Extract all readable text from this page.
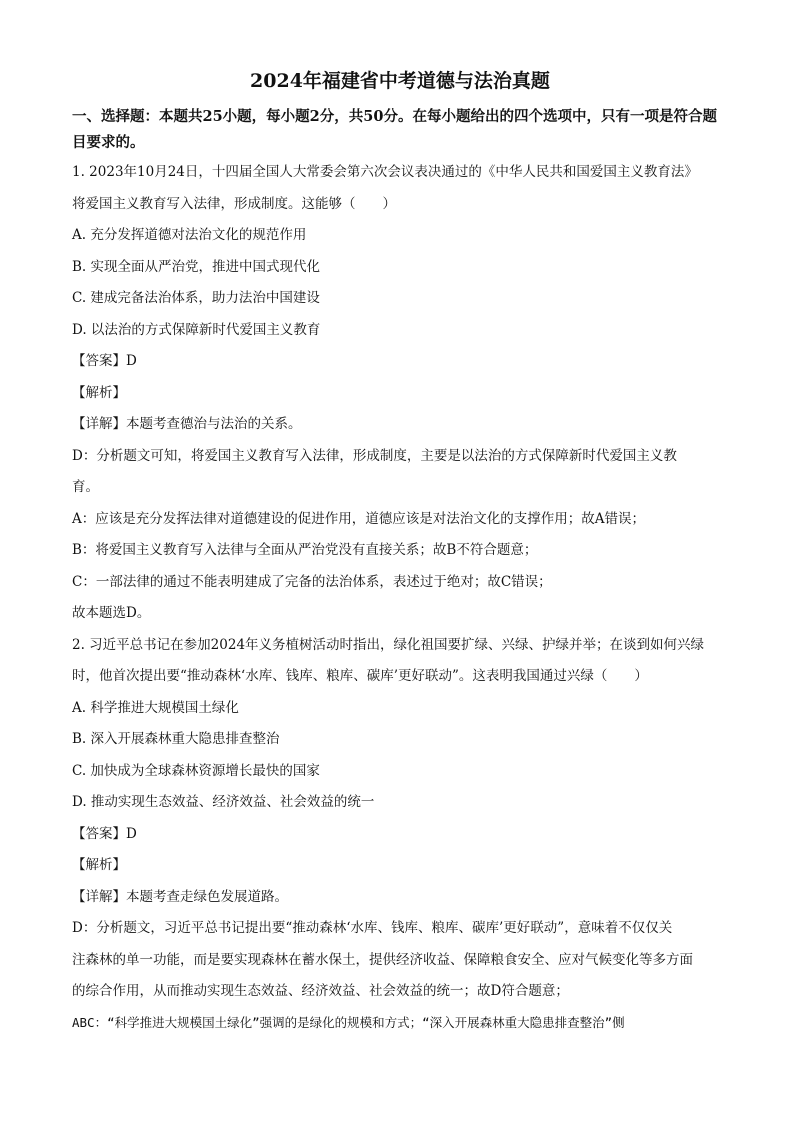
2024年福建省中考道德与法治真题
一、选择题：本题共25小题，每小题2分，共50分。在每小题给出的四个选项中，只有一项是符合题目要求的。
1. 2023年10月24日，十四届全国人大常委会第六次会议表决通过的《中华人民共和国爱国主义教育法》
将爱国主义教育写入法律，形成制度。这能够（　　）
A. 充分发挥道德对法治文化的规范作用
B. 实现全面从严治党，推进中国式现代化
C. 建成完备法治体系，助力法治中国建设
D. 以法治的方式保障新时代爱国主义教育
【答案】D
【解析】
【详解】本题考查德治与法治的关系。
D：分析题文可知，将爱国主义教育写入法律，形成制度，主要是以法治的方式保障新时代爱国主义教
育。
A：应该是充分发挥法律对道德建设的促进作用，道德应该是对法治文化的支撑作用；故A错误；
B：将爱国主义教育写入法律与全面从严治党没有直接关系；故B不符合题意；
C：一部法律的通过不能表明建成了完备的法治体系，表述过于绝对；故C错误；
故本题选D。
2. 习近平总书记在参加2024年义务植树活动时指出，绿化祖国要扩绿、兴绿、护绿并举；在谈到如何兴绿
时，他首次提出要“推动森林‘水库、钱库、粮库、碳库’更好联动”。这表明我国通过兴绿（　　）
A. 科学推进大规模国土绿化
B. 深入开展森林重大隐患排查整治
C. 加快成为全球森林资源增长最快的国家
D. 推动实现生态效益、经济效益、社会效益的统一
【答案】D
【解析】
【详解】本题考查走绿色发展道路。
D：分析题文，习近平总书记提出要“推动森林‘水库、钱库、粮库、碳库’更好联动”，意味着不仅仅关
注森林的单一功能，而是要实现森林在蓄水保土，提供经济收益、保障粮食安全、应对气候变化等多方面
的综合作用，从而推动实现生态效益、经济效益、社会效益的统一；故D符合题意；
ABC：“科学推进大规模国土绿化”强调的是绿化的规模和方式；“深入开展森林重大隐患排查整治”侧
